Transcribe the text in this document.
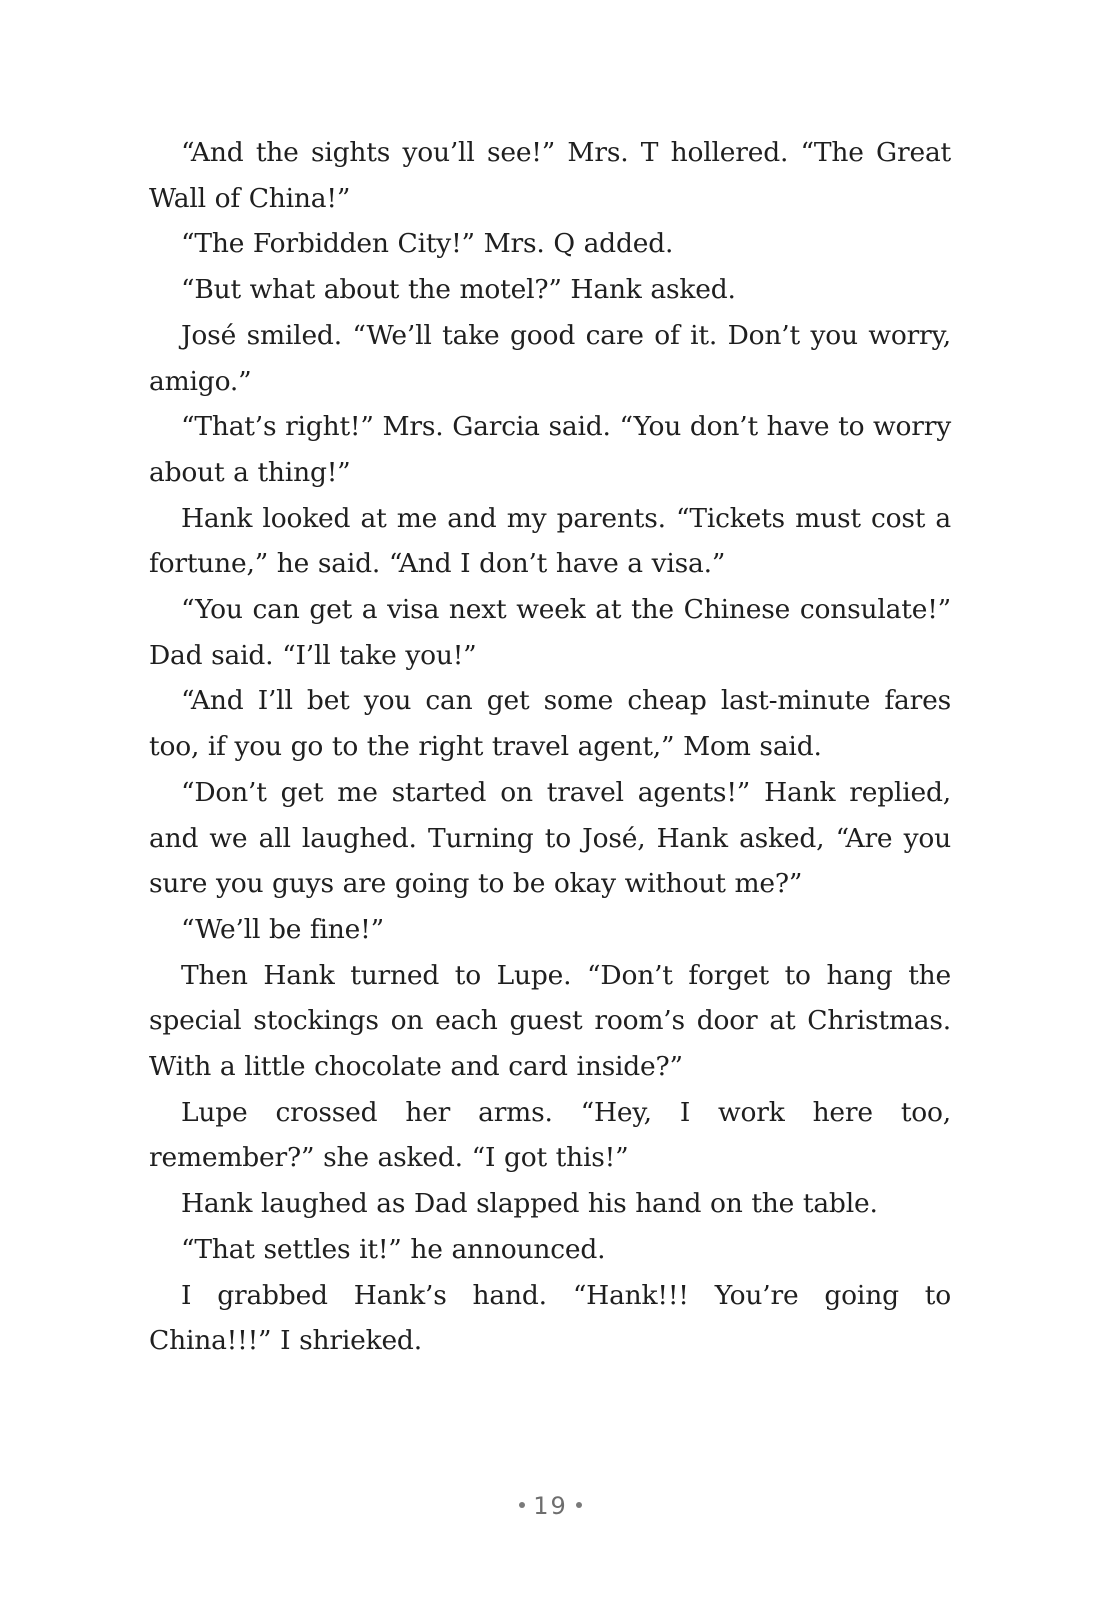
“And the sights you’ll see!” Mrs. T hollered. “The Great Wall of China!”

“The Forbidden City!” Mrs. Q added.

“But what about the motel?” Hank asked.

José smiled. “We’ll take good care of it. Don’t you worry, amigo.”

“That’s right!” Mrs. Garcia said. “You don’t have to worry about a thing!”

Hank looked at me and my parents. “Tickets must cost a fortune,” he said. “And I don’t have a visa.”

“You can get a visa next week at the Chinese consulate!” Dad said. “I’ll take you!”

“And I’ll bet you can get some cheap last-minute fares too, if you go to the right travel agent,” Mom said.

“Don’t get me started on travel agents!” Hank replied, and we all laughed. Turning to José, Hank asked, “Are you sure you guys are going to be okay without me?”

“We’ll be fine!”

Then Hank turned to Lupe. “Don’t forget to hang the special stockings on each guest room’s door at Christmas. With a little chocolate and card inside?”

Lupe crossed her arms. “Hey, I work here too, remember?” she asked. “I got this!”

Hank laughed as Dad slapped his hand on the table.

“That settles it!” he announced.

I grabbed Hank’s hand. “Hank!!! You’re going to China!!!” I shrieked.

19
